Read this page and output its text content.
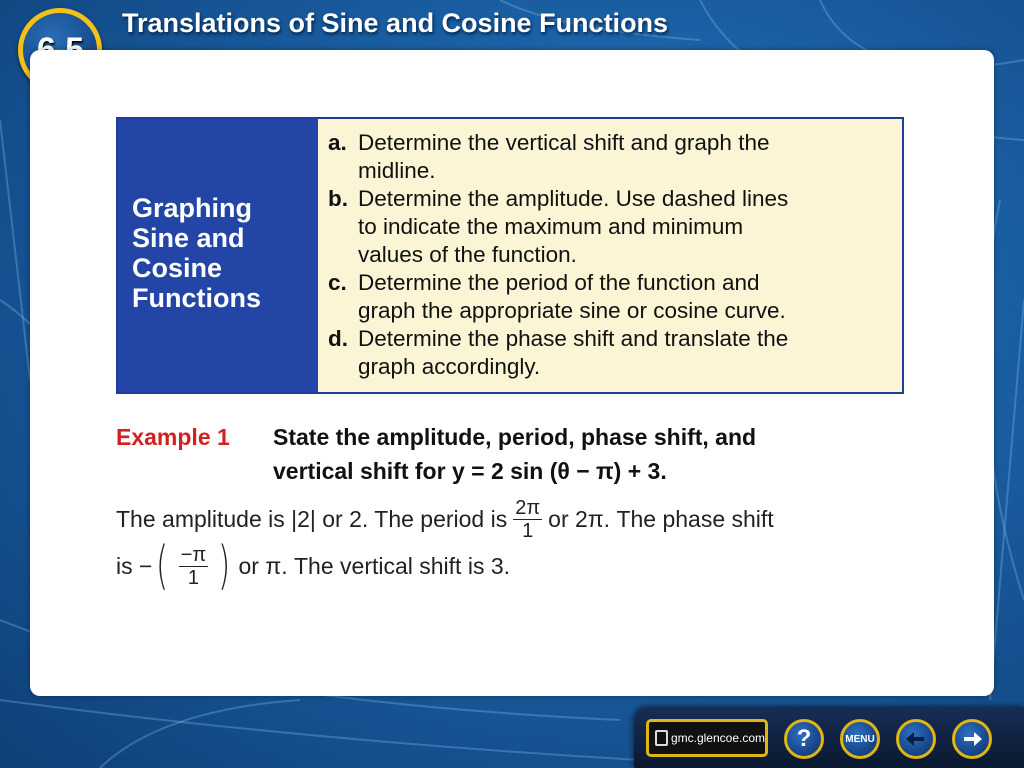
Translations of Sine and Cosine Functions
Graphing
Sine and
Cosine
Functions
a. Determine the vertical shift and graph the
midline.
b. Determine the amplitude. Use dashed lines
to indicate the maximum and minimum
values of the function.
c. Determine the period of the function and
graph the appropriate sine or cosine curve.
d. Determine the phase shift and translate the
graph accordingly.
Example 1	State the amplitude, period, phase shift, and
vertical shift for y = 2 sin (θ − π) + 3.
The amplitude is |2| or 2. The period is $\frac{2\pi}{1}$ or 2π. The phase shift
is − ( $\frac{-\pi}{1}$ ) or π. The vertical shift is 3.
gmc.glencoe.com ?	MENU
